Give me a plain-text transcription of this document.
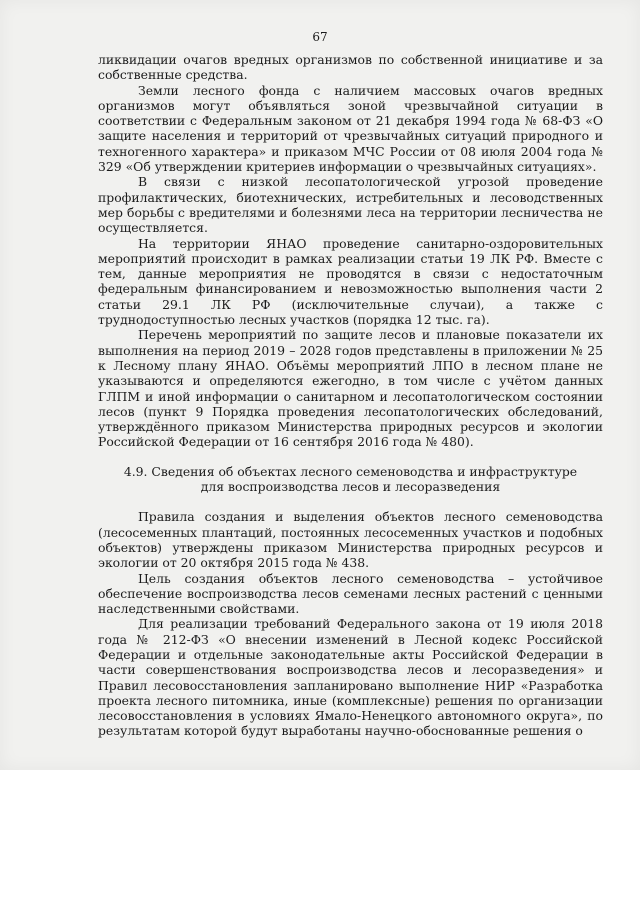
67

ликвидации очагов вредных организмов по собственной инициативе и за собственные средства.

Земли лесного фонда с наличием массовых очагов вредных организмов могут объявляться зоной чрезвычайной ситуации в соответствии с Федеральным законом от 21 декабря 1994 года № 68-ФЗ «О защите населения и территорий от чрезвычайных ситуаций природного и техногенного характера» и приказом МЧС России от 08 июля 2004 года № 329 «Об утверждении критериев информации о чрезвычайных ситуациях».

В связи с низкой лесопатологической угрозой проведение профилактических, биотехнических, истребительных и лесоводственных мер борьбы с вредителями и болезнями леса на территории лесничества не осуществляется.

На территории ЯНАО проведение санитарно-оздоровительных мероприятий происходит в рамках реализации статьи 19 ЛК РФ. Вместе с тем, данные мероприятия не проводятся в связи с недостаточным федеральным финансированием и невозможностью выполнения части 2 статьи 29.1 ЛК РФ (исключительные случаи), а также с труднодоступностью лесных участков (порядка 12 тыс. га).

Перечень мероприятий по защите лесов и плановые показатели их выполнения на период 2019 – 2028 годов представлены в приложении № 25 к Лесному плану ЯНАО. Объёмы мероприятий ЛПО в лесном плане не указываются и определяются ежегодно, в том числе с учётом данных ГЛПМ и иной информации о санитарном и лесопатологическом состоянии лесов (пункт 9 Порядка проведения лесопатологических обследований, утверждённого приказом Министерства природных ресурсов и экологии Российской Федерации от 16 сентября 2016 года № 480).

4.9. Сведения об объектах лесного семеноводства и инфраструктуре
для воспроизводства лесов и лесоразведения

Правила создания и выделения объектов лесного семеноводства (лесосеменных плантаций, постоянных лесосеменных участков и подобных объектов) утверждены приказом Министерства природных ресурсов и экологии от 20 октября 2015 года № 438.

Цель создания объектов лесного семеноводства – устойчивое обеспечение воспроизводства лесов семенами лесных растений с ценными наследственными свойствами.

Для реализации требований Федерального закона от 19 июля 2018 года № 212-ФЗ «О внесении изменений в Лесной кодекс Российской Федерации и отдельные законодательные акты Российской Федерации в части совершенствования воспроизводства лесов и лесоразведения» и Правил лесовосстановления запланировано выполнение НИР «Разработка проекта лесного питомника, иные (комплексные) решения по организации лесовосстановления в условиях Ямало-Ненецкого автономного округа», по результатам которой будут выработаны научно-обоснованные решения о
